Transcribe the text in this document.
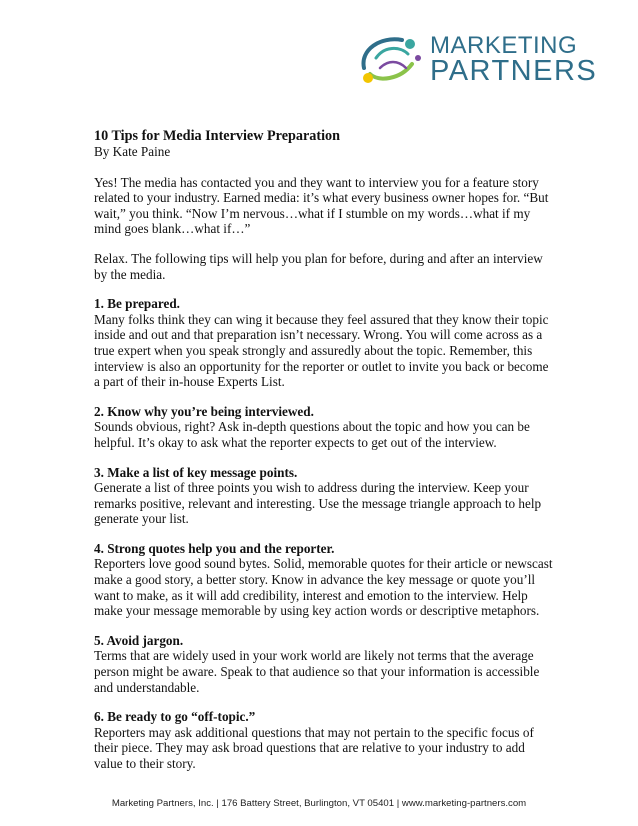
MARKETING
PARTNERS
10 Tips for Media Interview Preparation
By Kate Paine

Yes! The media has contacted you and they want to interview you for a feature story related to your industry. Earned media: it’s what every business owner hopes for. “But wait,” you think. “Now I’m nervous…what if I stumble on my words…what if my mind goes blank…what if…”

Relax. The following tips will help you plan for before, during and after an interview by the media.

1. Be prepared.

Many folks think they can wing it because they feel assured that they know their topic inside and out and that preparation isn’t necessary. Wrong. You will come across as a true expert when you speak strongly and assuredly about the topic. Remember, this interview is also an opportunity for the reporter or outlet to invite you back or become a part of their in-house Experts List.

2. Know why you’re being interviewed.

Sounds obvious, right? Ask in-depth questions about the topic and how you can be helpful. It’s okay to ask what the reporter expects to get out of the interview.

3. Make a list of key message points.

Generate a list of three points you wish to address during the interview. Keep your remarks positive, relevant and interesting. Use the message triangle approach to help generate your list.

4. Strong quotes help you and the reporter.

Reporters love good sound bytes. Solid, memorable quotes for their article or newscast make a good story, a better story. Know in advance the key message or quote you’ll want to make, as it will add credibility, interest and emotion to the interview. Help make your message memorable by using key action words or descriptive metaphors.

5. Avoid jargon.

Terms that are widely used in your work world are likely not terms that the average person might be aware. Speak to that audience so that your information is accessible and understandable.

6. Be ready to go “off-topic.”

Reporters may ask additional questions that may not pertain to the specific focus of their piece. They may ask broad questions that are relative to your industry to add value to their story.

Marketing Partners, Inc. | 176 Battery Street, Burlington, VT 05401 | www.marketing-partners.com
